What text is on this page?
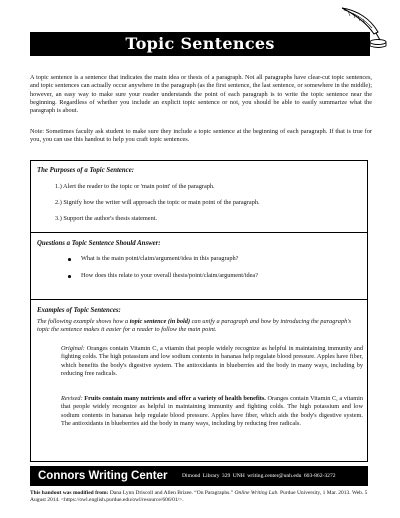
Topic Sentences

A topic sentence is a sentence that indicates the main idea or thesis of a paragraph. Not all paragraphs have clear-cut topic sentences, and topic sentences can actually occur anywhere in the paragraph (as the first sentence, the last sentence, or somewhere in the middle); however, an easy way to make sure your reader understands the point of each paragraph is to write the topic sentence near the beginning. Regardless of whether you include an explicit topic sentence or not, you should be able to easily summarize what the paragraph is about.

Note: Sometimes faculty ask student to make sure they include a topic sentence at the beginning of each paragraph. If that is true for you, you can use this handout to help you craft topic sentences.

The Purposes of a Topic Sentence:
1.) Alert the reader to the topic or 'main point' of the paragraph.
2.) Signify how the writer will approach the topic or main point of the paragraph.
3.) Support the author's thesis statement.
Questions a Topic Sentence Should Answer:
What is the main point/claim/argument/idea in this paragraph?
How does this relate to your overall thesis/point/claim/argument/idea?
Examples of Topic Sentences:
The following example shows how a topic sentence (in bold) can unify a paragraph and how by introducing the paragraph's topic the sentence makes it easier for a reader to follow the main point.
Original: Oranges contain Vitamin C, a vitamin that people widely recognize as helpful in maintaining immunity and fighting colds. The high potassium and low sodium contents in bananas help regulate blood pressure. Apples have fiber, which benefits the body's digestive system. The antioxidants in blueberries aid the body in many ways, including by reducing free radicals.
Revised: Fruits contain many nutrients and offer a variety of health benefits. Oranges contain Vitamin C, a vitamin that people widely recognize as helpful in maintaining immunity and fighting colds. The high potassium and low sodium contents in bananas help regulate blood pressure. Apples have fiber, which aids the body's digestive system. The antioxidants in blueberries aid the body in many ways, including by reducing free radicals.
Connors Writing Center	Dimond Library 329 UNH writing.center@unh.edu 603-862-3272

This handout was modified from: Dana Lynn Driscoll and Allen Brizee. “On Paragraphs.” Online Writing Lab. Purdue University, 1 Mar. 2013. Web. 5 August 2014. <https://owl.english.purdue.edu/owl/resource/606/01/>.
